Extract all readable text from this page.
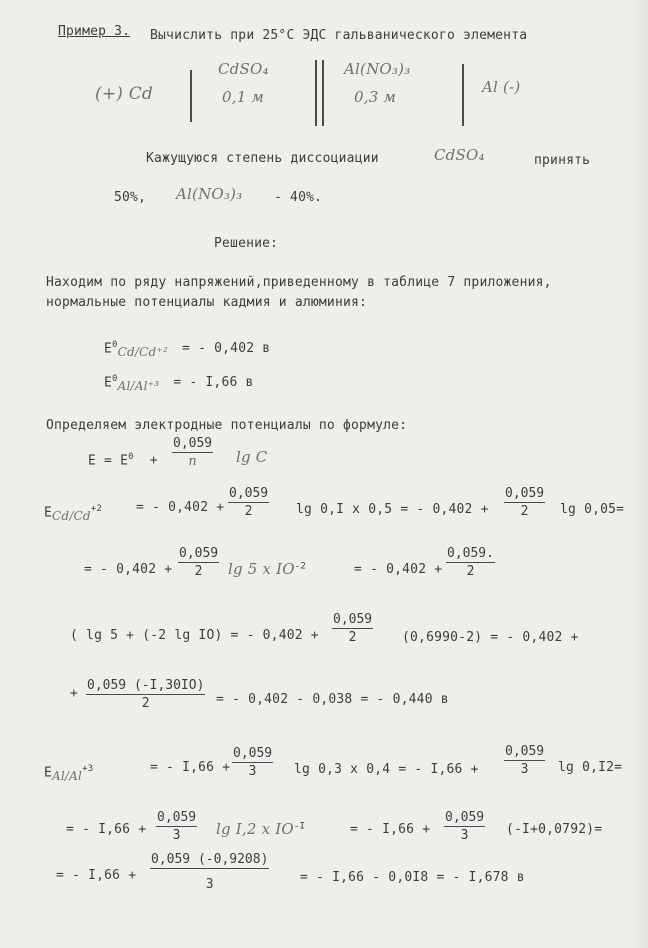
Пример 3. Вычислить при 25°С ЭДС гальванического элемента
(+) Cd
CdSO₄
0,1 м
Al(NO₃)₃
0,3 м
Al (-)
Кажущуюся степень диссоциации	CdSO₄	принять
50%, Al(NO₃)₃ - 40%.
Решение:
Находим по ряду напряжений,приведенному в таблице 7 приложения,
нормальные потенциалы кадмия и алюминия:
$E^0_{Cd/Cd^{+2}}$ = - 0,402 в
$E^0_{Al/Al^{+3}}$ = - I,66 в
Определяем электродные потенциалы по формуле:
$E = E^0 + \frac{0,059}{n}$ lg C
$E_{Cd/Cd}^{+2}$	= - $0,402 + \frac{0,059}{2}$ lg 0,I x 0,5 = - $0,402 + \frac{0,059}{2}$ lg 0,05=
= - $0,402 + \frac{0,059}{2}$ lg 5 x $IO^{-2}$	= - $0,402 + \frac{0,059.}{2}$
( lg 5 + (-2 lg IO) = - $0,402 + \frac{0,059}{2} (0,6990-2)$ = - 0,402 +
+ $\frac{0,059 (-I,30IO)}{2}$ = - 0,402 - 0,038 = - 0,440 в
$E_{Al/Al}^{+3}$	= - $I,66 + \frac{0,059}{3}$ lg 0,3 x 0,4 = - $I,66 + \frac{0,059}{3}$ lg 0,I2=
= - $I,66 + \frac{0,059}{3}$ lg I,2 x $IO^{-I}$	= - $I,66 + \frac{0,059}{3} (-I+0,0792)=$
= - $I,66 + \frac{0,059 (-0,9208)}{3}$ = - I,66 - 0,0I8 = - I,678 в
